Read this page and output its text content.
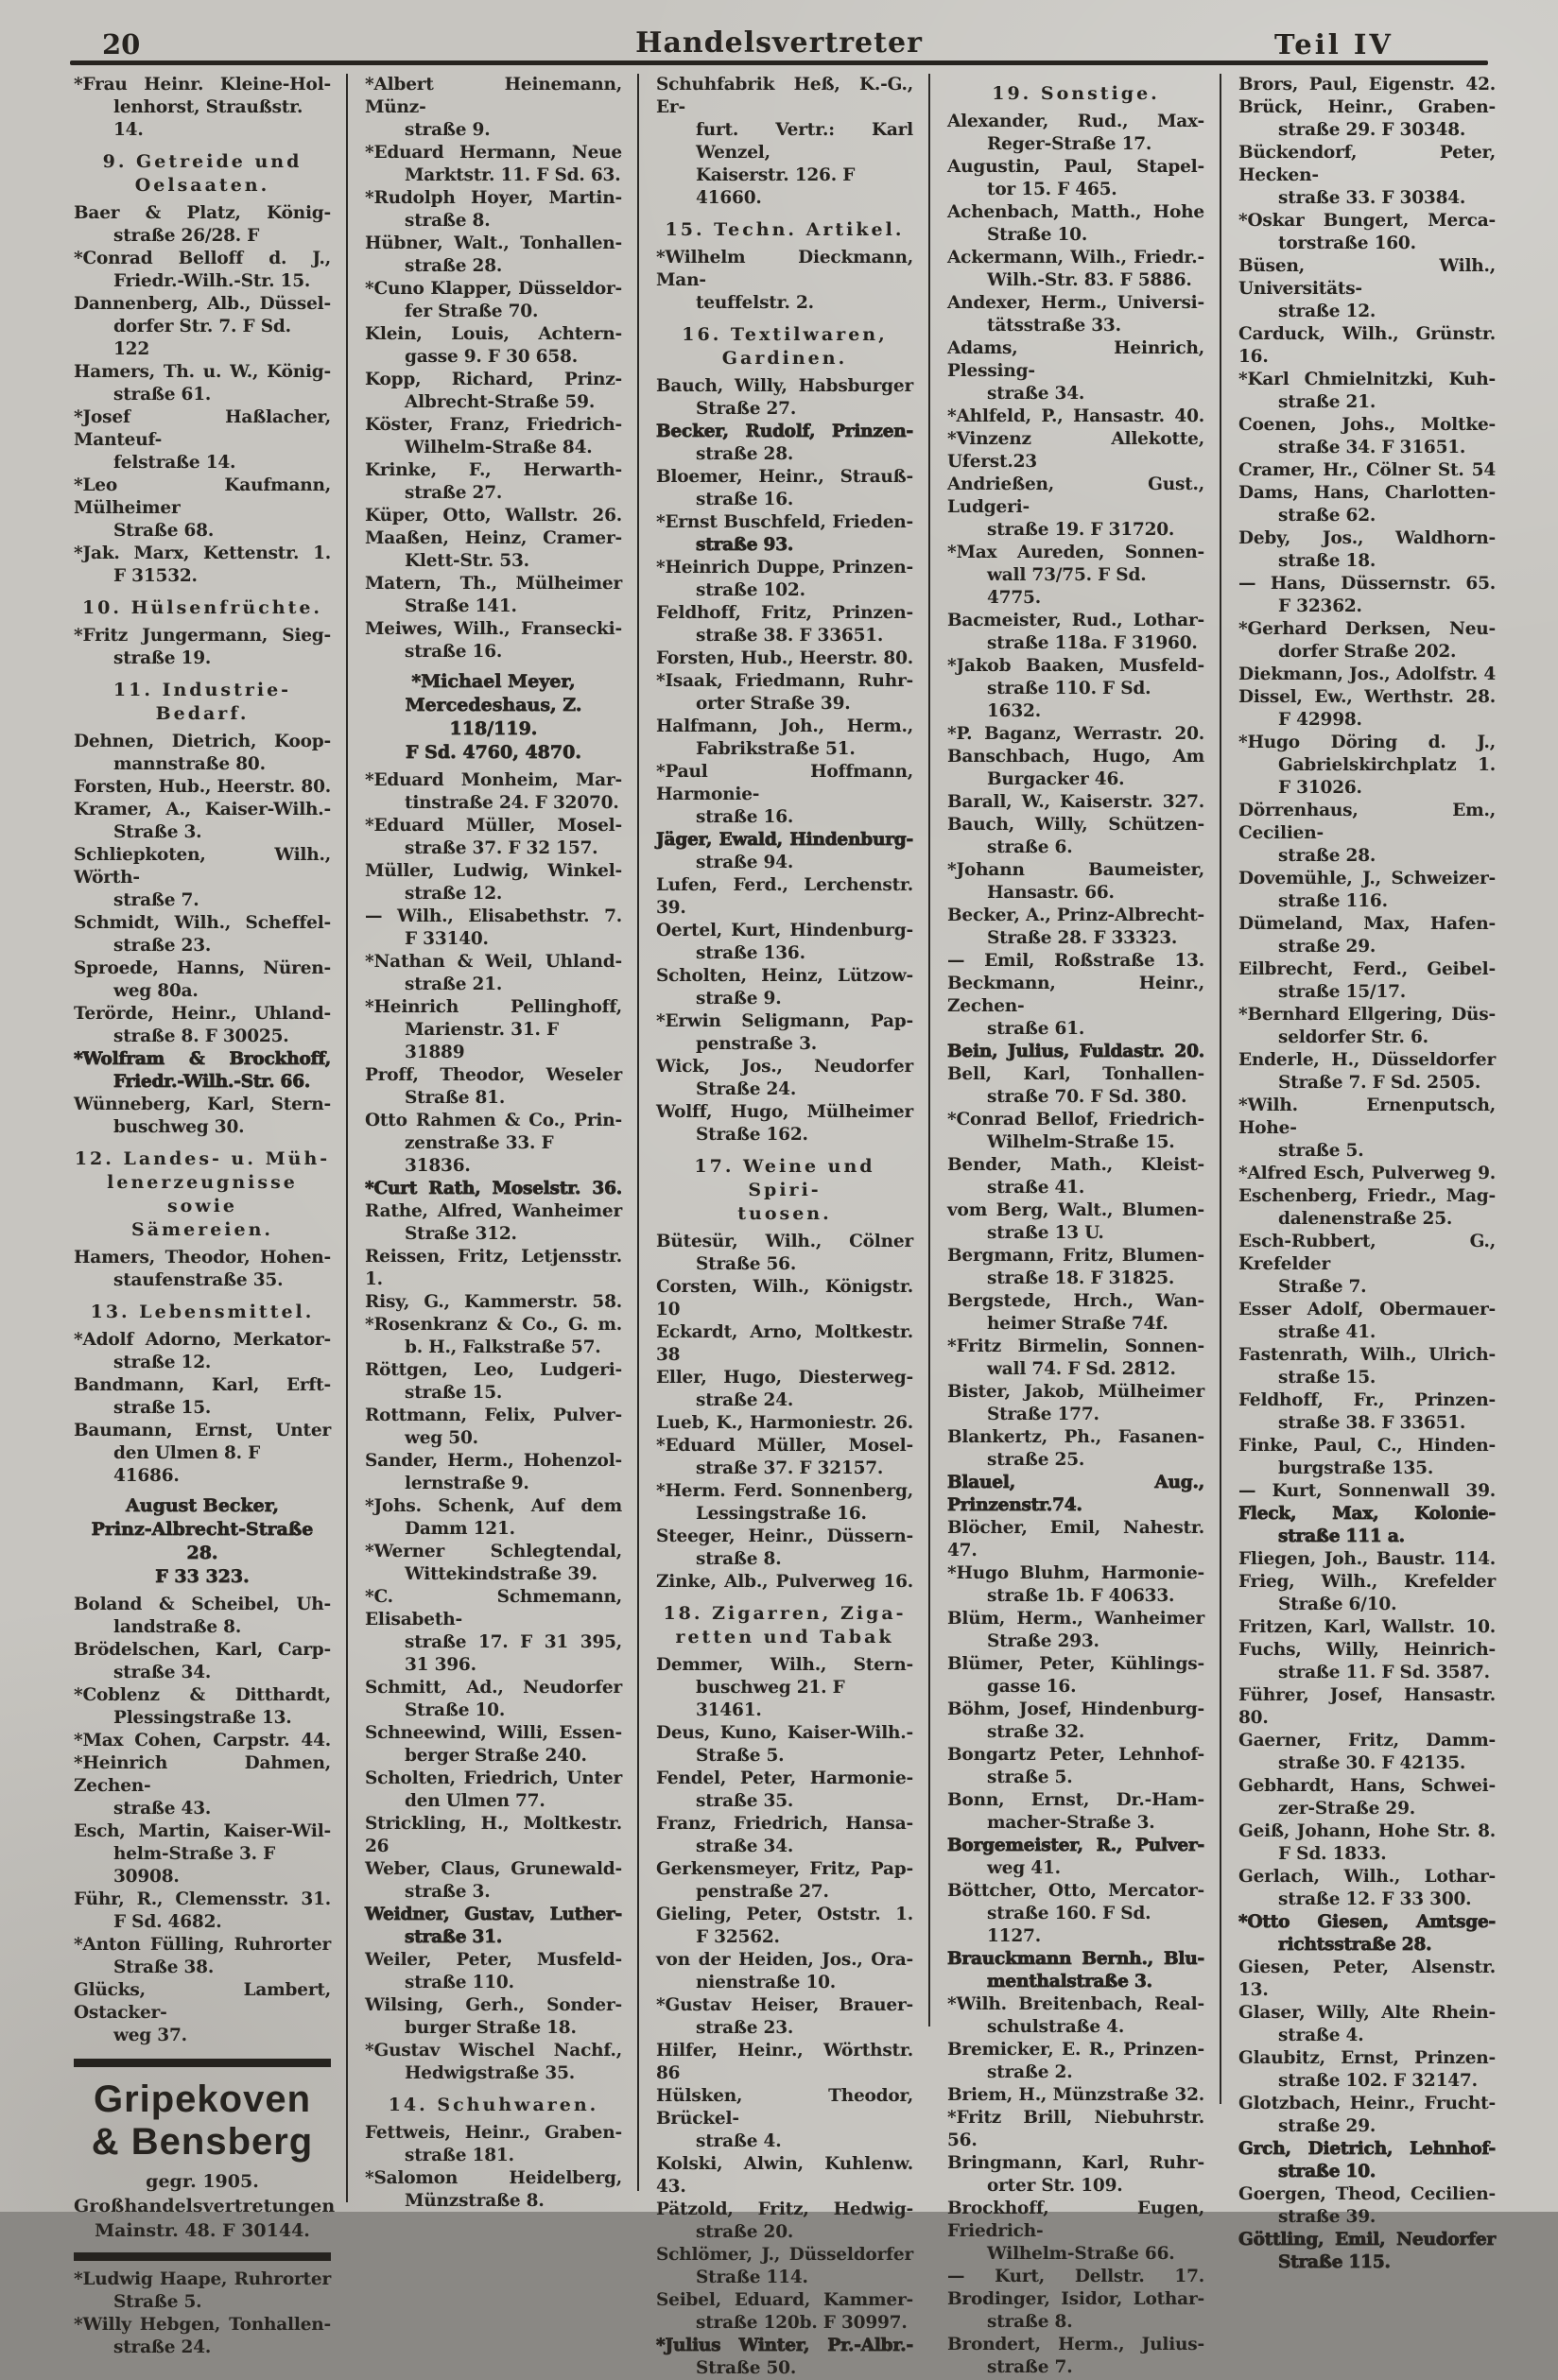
20	Handelsvertreter	Teil IV
*Frau Heinr. Kleine-Hol-
lenhorst, Straußstr. 14.
9. Getreide und
Oelsaaten.
Baer & Platz, König-
straße 26/28. F
*Conrad Belloff d. J.,
Friedr.-Wilh.-Str. 15.
Dannenberg, Alb., Düssel-
dorfer Str. 7. F Sd. 122
Hamers, Th. u. W., König-
straße 61.
*Josef Haßlacher, Manteuf-
felstraße 14.
*Leo Kaufmann, Mülheimer
Straße 68.
*Jak. Marx, Kettenstr. 1.
F 31532.
10. Hülsenfrüchte.
*Fritz Jungermann, Sieg-
straße 19.
11. Industrie-
Bedarf.
Dehnen, Dietrich, Koop-
mannstraße 80.
Forsten, Hub., Heerstr. 80.
Kramer, A., Kaiser-Wilh.-
Straße 3.
Schliepkoten, Wilh., Wörth-
straße 7.
Schmidt, Wilh., Scheffel-
straße 23.
Sproede, Hanns, Nüren-
weg 80a.
Terörde, Heinr., Uhland-
straße 8. F 30025.
*Wolfram & Brockhoff,
Friedr.-Wilh.-Str. 66.
Wünneberg, Karl, Stern-
buschweg 30.
12. Landes- u. Müh-
lenerzeugnisse sowie
Sämereien.
Hamers, Theodor, Hohen-
staufenstraße 35.
13. Lebensmittel.
*Adolf Adorno, Merkator-
straße 12.
Bandmann, Karl, Erft-
straße 15.
Baumann, Ernst, Unter
den Ulmen 8. F 41686.
August Becker,
Prinz-Albrecht-Straße 28.
F 33 323.
Boland & Scheibel, Uh-
landstraße 8.
Brödelschen, Karl, Carp-
straße 34.
*Coblenz & Ditthardt,
Plessingstraße 13.
*Max Cohen, Carpstr. 44.
*Heinrich Dahmen, Zechen-
straße 43.
Esch, Martin, Kaiser-Wil-
helm-Straße 3. F 30908.
Führ, R., Clemensstr. 31.
F Sd. 4682.
*Anton Fülling, Ruhrorter
Straße 38.
Glücks, Lambert, Ostacker-
weg 37.
Gripekoven
& Bensberg
gegr. 1905.
Großhandelsvertretungen
Mainstr. 48. F 30144.
*Ludwig Haape, Ruhrorter
Straße 5.
*Willy Hebgen, Tonhallen-
straße 24.
*Albert Heinemann, Münz-
straße 9.
*Eduard Hermann, Neue
Marktstr. 11. F Sd. 63.
*Rudolph Hoyer, Martin-
straße 8.
Hübner, Walt., Tonhallen-
straße 28.
*Cuno Klapper, Düsseldor-
fer Straße 70.
Klein, Louis, Achtern-
gasse 9. F 30 658.
Kopp, Richard, Prinz-
Albrecht-Straße 59.
Köster, Franz, Friedrich-
Wilhelm-Straße 84.
Krinke, F., Herwarth-
straße 27.
Küper, Otto, Wallstr. 26.
Maaßen, Heinz, Cramer-
Klett-Str. 53.
Matern, Th., Mülheimer
Straße 141.
Meiwes, Wilh., Fransecki-
straße 16.
*Michael Meyer,
Mercedeshaus, Z. 118/119.
F Sd. 4760, 4870.
*Eduard Monheim, Mar-
tinstraße 24. F 32070.
*Eduard Müller, Mosel-
straße 37. F 32 157.
Müller, Ludwig, Winkel-
straße 12.
— Wilh., Elisabethstr. 7.
F 33140.
*Nathan & Weil, Uhland-
straße 21.
*Heinrich Pellinghoff,
Marienstr. 31. F 31889
Proff, Theodor, Weseler
Straße 81.
Otto Rahmen & Co., Prin-
zenstraße 33. F 31836.
*Curt Rath, Moselstr. 36.
Rathe, Alfred, Wanheimer
Straße 312.
Reissen, Fritz, Letjensstr. 1.
Risy, G., Kammerstr. 58.
*Rosenkranz & Co., G. m.
b. H., Falkstraße 57.
Röttgen, Leo, Ludgeri-
straße 15.
Rottmann, Felix, Pulver-
weg 50.
Sander, Herm., Hohenzol-
lernstraße 9.
*Johs. Schenk, Auf dem
Damm 121.
*Werner Schlegtendal,
Wittekindstraße 39.
*C. Schmemann, Elisabeth-
straße 17. F 31 395,
31 396.
Schmitt, Ad., Neudorfer
Straße 10.
Schneewind, Willi, Essen-
berger Straße 240.
Scholten, Friedrich, Unter
den Ulmen 77.
Strickling, H., Moltkestr. 26
Weber, Claus, Grunewald-
straße 3.
Weidner, Gustav, Luther-
straße 31.
Weiler, Peter, Musfeld-
straße 110.
Wilsing, Gerh., Sonder-
burger Straße 18.
*Gustav Wischel Nachf.,
Hedwigstraße 35.
14. Schuhwaren.
Fettweis, Heinr., Graben-
straße 181.
*Salomon Heidelberg,
Münzstraße 8.
Schuhfabrik Heß, K.-G., Er-
furt. Vertr.: Karl Wenzel,
Kaiserstr. 126. F 41660.
15. Techn. Artikel.
*Wilhelm Dieckmann, Man-
teuffelstr. 2.
16. Textilwaren,
Gardinen.
Bauch, Willy, Habsburger
Straße 27.
Becker, Rudolf, Prinzen-
straße 28.
Bloemer, Heinr., Strauß-
straße 16.
*Ernst Buschfeld, Frieden-
straße 93.
*Heinrich Duppe, Prinzen-
straße 102.
Feldhoff, Fritz, Prinzen-
straße 38. F 33651.
Forsten, Hub., Heerstr. 80.
*Isaak, Friedmann, Ruhr-
orter Straße 39.
Halfmann, Joh., Herm.,
Fabrikstraße 51.
*Paul Hoffmann, Harmonie-
straße 16.
Jäger, Ewald, Hindenburg-
straße 94.
Lufen, Ferd., Lerchenstr. 39.
Oertel, Kurt, Hindenburg-
straße 136.
Scholten, Heinz, Lützow-
straße 9.
*Erwin Seligmann, Pap-
penstraße 3.
Wick, Jos., Neudorfer
Straße 24.
Wolff, Hugo, Mülheimer
Straße 162.
17. Weine und Spiri-
tuosen.
Bütesür, Wilh., Cölner
Straße 56.
Corsten, Wilh., Königstr. 10
Eckardt, Arno, Moltkestr. 38
Eller, Hugo, Diesterweg-
straße 24.
Lueb, K., Harmoniestr. 26.
*Eduard Müller, Mosel-
straße 37. F 32157.
*Herm. Ferd. Sonnenberg,
Lessingstraße 16.
Steeger, Heinr., Düssern-
straße 8.
Zinke, Alb., Pulverweg 16.
18. Zigarren, Ziga-
retten und Tabak
Demmer, Wilh., Stern-
buschweg 21. F 31461.
Deus, Kuno, Kaiser-Wilh.-
Straße 5.
Fendel, Peter, Harmonie-
straße 35.
Franz, Friedrich, Hansa-
straße 34.
Gerkensmeyer, Fritz, Pap-
penstraße 27.
Gieling, Peter, Oststr. 1.
F 32562.
von der Heiden, Jos., Ora-
nienstraße 10.
*Gustav Heiser, Brauer-
straße 23.
Hilfer, Heinr., Wörthstr. 86
Hülsken, Theodor, Brückel-
straße 4.
Kolski, Alwin, Kuhlenw. 43.
Pätzold, Fritz, Hedwig-
straße 20.
Schlömer, J., Düsseldorfer
Straße 114.
Seibel, Eduard, Kammer-
straße 120b. F 30997.
*Julius Winter, Pr.-Albr.-
Straße 50.
19. Sonstige.
Alexander, Rud., Max-
Reger-Straße 17.
Augustin, Paul, Stapel-
tor 15. F 465.
Achenbach, Matth., Hohe
Straße 10.
Ackermann, Wilh., Friedr.-
Wilh.-Str. 83. F 5886.
Andexer, Herm., Universi-
tätsstraße 33.
Adams, Heinrich, Plessing-
straße 34.
*Ahlfeld, P., Hansastr. 40.
*Vinzenz Allekotte, Uferst.23
Andrießen, Gust., Ludgeri-
straße 19. F 31720.
*Max Aureden, Sonnen-
wall 73/75. F Sd. 4775.
Bacmeister, Rud., Lothar-
straße 118a. F 31960.
*Jakob Baaken, Musfeld-
straße 110. F Sd. 1632.
*P. Baganz, Werrastr. 20.
Banschbach, Hugo, Am
Burgacker 46.
Barall, W., Kaiserstr. 327.
Bauch, Willy, Schützen-
straße 6.
*Johann Baumeister,
Hansastr. 66.
Becker, A., Prinz-Albrecht-
Straße 28. F 33323.
— Emil, Roßstraße 13.
Beckmann, Heinr., Zechen-
straße 61.
Bein, Julius, Fuldastr. 20.
Bell, Karl, Tonhallen-
straße 70. F Sd. 380.
*Conrad Bellof, Friedrich-
Wilhelm-Straße 15.
Bender, Math., Kleist-
straße 41.
vom Berg, Walt., Blumen-
straße 13 U.
Bergmann, Fritz, Blumen-
straße 18. F 31825.
Bergstede, Hrch., Wan-
heimer Straße 74f.
*Fritz Birmelin, Sonnen-
wall 74. F Sd. 2812.
Bister, Jakob, Mülheimer
Straße 177.
Blankertz, Ph., Fasanen-
straße 25.
Blauel, Aug., Prinzenstr.74.
Blöcher, Emil, Nahestr. 47.
*Hugo Bluhm, Harmonie-
straße 1b. F 40633.
Blüm, Herm., Wanheimer
Straße 293.
Blümer, Peter, Kühlings-
gasse 16.
Böhm, Josef, Hindenburg-
straße 32.
Bongartz Peter, Lehnhof-
straße 5.
Bonn, Ernst, Dr.-Ham-
macher-Straße 3.
Borgemeister, R., Pulver-
weg 41.
Böttcher, Otto, Mercator-
straße 160. F Sd. 1127.
Brauckmann Bernh., Blu-
menthalstraße 3.
*Wilh. Breitenbach, Real-
schulstraße 4.
Bremicker, E. R., Prinzen-
straße 2.
Briem, H., Münzstraße 32.
*Fritz Brill, Niebuhrstr. 56.
Bringmann, Karl, Ruhr-
orter Str. 109.
Brockhoff, Eugen, Friedrich-
Wilhelm-Straße 66.
— Kurt, Dellstr. 17.
Brodinger, Isidor, Lothar-
straße 8.
Brondert, Herm., Julius-
straße 7.
Brors, Paul, Eigenstr. 42.
Brück, Heinr., Graben-
straße 29. F 30348.
Bückendorf, Peter, Hecken-
straße 33. F 30384.
*Oskar Bungert, Merca-
torstraße 160.
Büsen, Wilh., Universitäts-
straße 12.
Carduck, Wilh., Grünstr. 16.
*Karl Chmielnitzki, Kuh-
straße 21.
Coenen, Johs., Moltke-
straße 34. F 31651.
Cramer, Hr., Cölner St. 54
Dams, Hans, Charlotten-
straße 62.
Deby, Jos., Waldhorn-
straße 18.
— Hans, Düssernstr. 65.
F 32362.
*Gerhard Derksen, Neu-
dorfer Straße 202.
Diekmann, Jos., Adolfstr. 4
Dissel, Ew., Werthstr. 28.
F 42998.
*Hugo Döring d. J.,
Gabrielskirchplatz 1.
F 31026.
Dörrenhaus, Em., Cecilien-
straße 28.
Dovemühle, J., Schweizer-
straße 116.
Dümeland, Max, Hafen-
straße 29.
Eilbrecht, Ferd., Geibel-
straße 15/17.
*Bernhard Ellgering, Düs-
seldorfer Str. 6.
Enderle, H., Düsseldorfer
Straße 7. F Sd. 2505.
*Wilh. Ernenputsch, Hohe-
straße 5.
*Alfred Esch, Pulverweg 9.
Eschenberg, Friedr., Mag-
dalenenstraße 25.
Esch-Rubbert, G., Krefelder
Straße 7.
Esser Adolf, Obermauer-
straße 41.
Fastenrath, Wilh., Ulrich-
straße 15.
Feldhoff, Fr., Prinzen-
straße 38. F 33651.
Finke, Paul, C., Hinden-
burgstraße 135.
— Kurt, Sonnenwall 39.
Fleck, Max, Kolonie-
straße 111 a.
Fliegen, Joh., Baustr. 114.
Frieg, Wilh., Krefelder
Straße 6/10.
Fritzen, Karl, Wallstr. 10.
Fuchs, Willy, Heinrich-
straße 11. F Sd. 3587.
Führer, Josef, Hansastr. 80.
Gaerner, Fritz, Damm-
straße 30. F 42135.
Gebhardt, Hans, Schwei-
zer-Straße 29.
Geiß, Johann, Hohe Str. 8.
F Sd. 1833.
Gerlach, Wilh., Lothar-
straße 12. F 33 300.
*Otto Giesen, Amtsge-
richtsstraße 28.
Giesen, Peter, Alsenstr. 13.
Glaser, Willy, Alte Rhein-
straße 4.
Glaubitz, Ernst, Prinzen-
straße 102. F 32147.
Glotzbach, Heinr., Frucht-
straße 29.
Grch, Dietrich, Lehnhof-
straße 10.
Goergen, Theod, Cecilien-
straße 39.
Göttling, Emil, Neudorfer
Straße 115.
